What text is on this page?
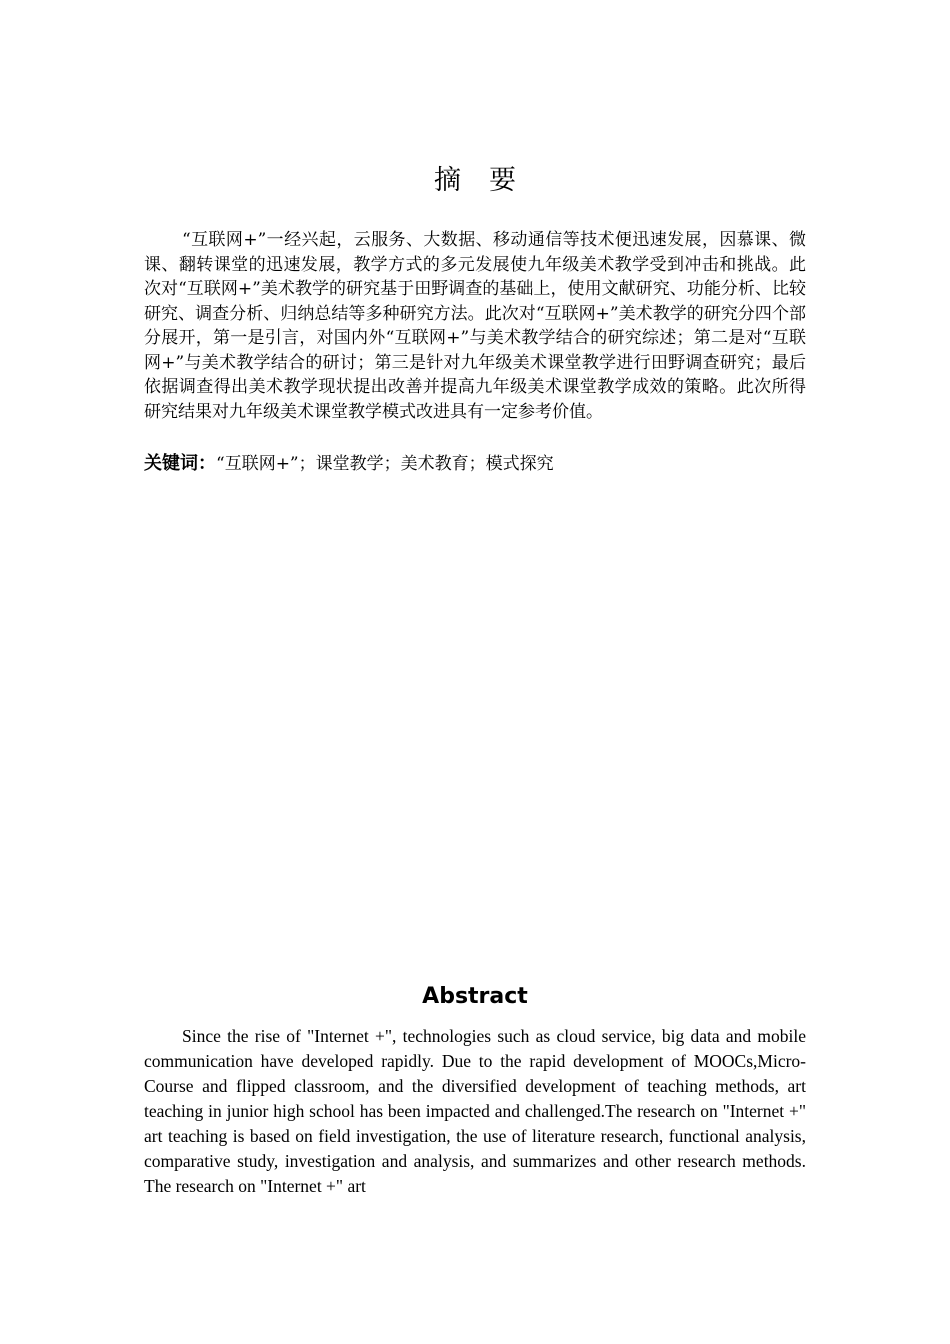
摘要

“互联网+”一经兴起，云服务、大数据、移动通信等技术便迅速发展，因慕课、微课、翻转课堂的迅速发展，教学方式的多元发展使九年级美术教学受到冲击和挑战。此次对“互联网+”美术教学的研究基于田野调查的基础上，使用文献研究、功能分析、比较研究、调查分析、归纳总结等多种研究方法。此次对“互联网+”美术教学的研究分四个部分展开，第一是引言，对国内外“互联网+”与美术教学结合的研究综述；第二是对“互联网+”与美术教学结合的研讨；第三是针对九年级美术课堂教学进行田野调查研究；最后依据调查得出美术教学现状提出改善并提高九年级美术课堂教学成效的策略。此次所得研究结果对九年级美术课堂教学模式改进具有一定参考价值。

关键词：“互联网+”；课堂教学；美术教育；模式探究

Abstract

Since the rise of "Internet +", technologies such as cloud service, big data and mobile communication have developed rapidly. Due to the rapid development of MOOCs,Micro-Course and flipped classroom, and the diversified development of teaching methods, art teaching in junior high school has been impacted and challenged.The research on "Internet +" art teaching is based on field investigation, the use of literature research, functional analysis, comparative study, investigation and analysis, and summarizes and other research methods. The research on "Internet +" art
